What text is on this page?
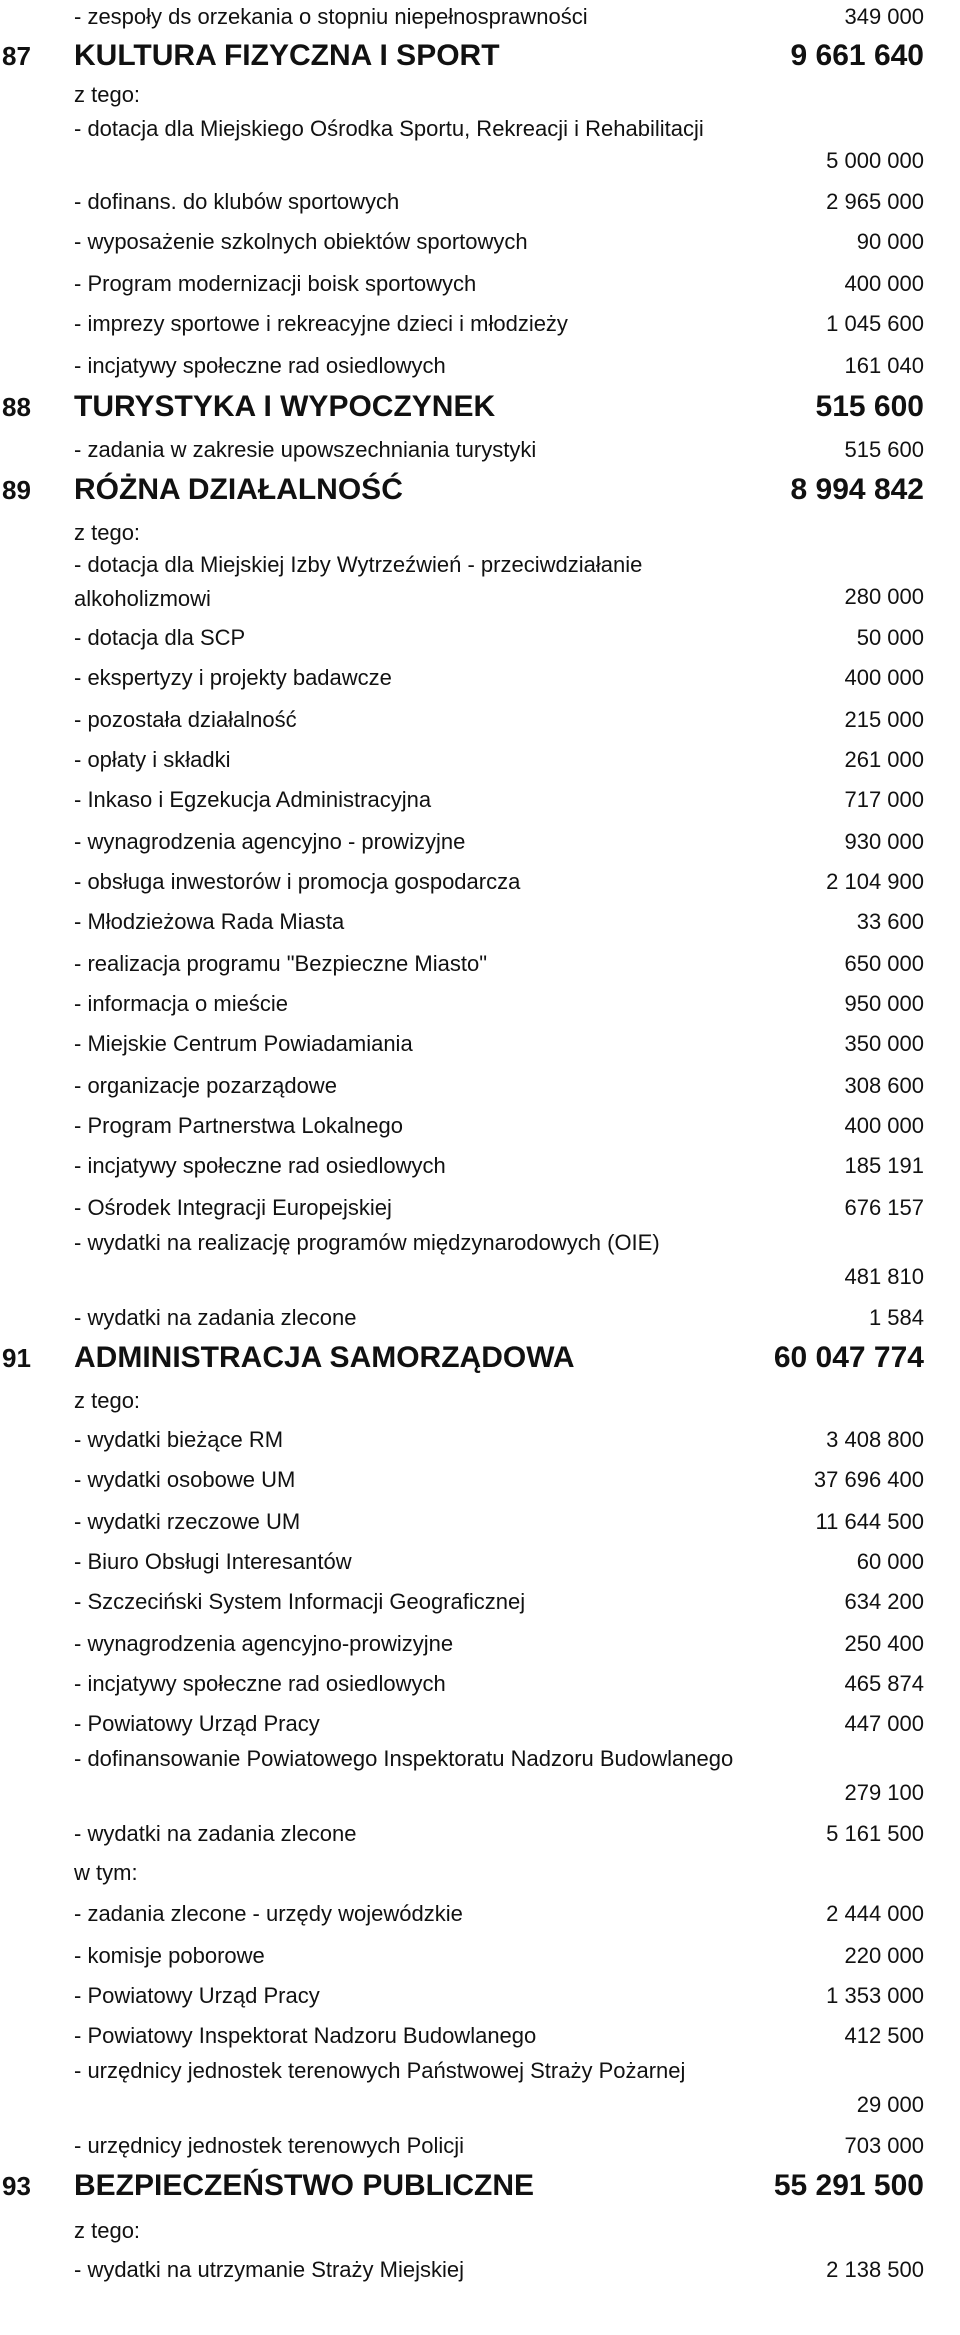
- zespoły ds orzekania o stopniu niepełnosprawności	349 000
87 KULTURA FIZYCZNA I SPORT	9 661 640
z tego:
- dotacja dla Miejskiego Ośrodka Sportu, Rekreacji i Rehabilitacji
5 000 000
- dofinans. do klubów sportowych	2 965 000
- wyposażenie szkolnych obiektów sportowych	90 000
- Program modernizacji boisk sportowych	400 000
- imprezy sportowe i rekreacyjne dzieci i młodzieży	1 045 600
- incjatywy społeczne rad osiedlowych	161 040
88 TURYSTYKA I WYPOCZYNEK	515 600
- zadania w zakresie upowszechniania turystyki	515 600
89 RÓŻNA DZIAŁALNOŚĆ	8 994 842
z tego:
- dotacja dla Miejskiej Izby Wytrzeźwień - przeciwdziałanie alkoholizmowi	280 000
- dotacja dla SCP	50 000
- ekspertyzy i projekty badawcze	400 000
- pozostała działalność	215 000
- opłaty i składki	261 000
- Inkaso i Egzekucja Administracyjna	717 000
- wynagrodzenia agencyjno - prowizyjne	930 000
- obsługa inwestorów i promocja gospodarcza	2 104 900
- Młodzieżowa Rada Miasta	33 600
- realizacja programu "Bezpieczne Miasto"	650 000
- informacja o mieście	950 000
- Miejskie Centrum Powiadamiania	350 000
- organizacje pozarządowe	308 600
- Program Partnerstwa Lokalnego	400 000
- incjatywy społeczne rad osiedlowych	185 191
- Ośrodek Integracji Europejskiej	676 157
- wydatki na realizację programów międzynarodowych (OIE)
481 810
- wydatki na zadania zlecone	1 584
91 ADMINISTRACJA SAMORZĄDOWA	60 047 774
z tego:
- wydatki bieżące RM	3 408 800
- wydatki osobowe UM	37 696 400
- wydatki rzeczowe UM	11 644 500
- Biuro Obsługi Interesantów	60 000
- Szczeciński System Informacji Geograficznej	634 200
- wynagrodzenia agencyjno-prowizyjne	250 400
- incjatywy społeczne rad osiedlowych	465 874
- Powiatowy Urząd Pracy	447 000
- dofinansowanie Powiatowego Inspektoratu Nadzoru Budowlanego
279 100
- wydatki na zadania zlecone	5 161 500
w tym:
- zadania zlecone - urzędy wojewódzkie	2 444 000
- komisje poborowe	220 000
- Powiatowy Urząd Pracy	1 353 000
- Powiatowy Inspektorat Nadzoru Budowlanego	412 500
- urzędnicy jednostek terenowych Państwowej Straży Pożarnej
29 000
- urzędnicy jednostek terenowych Policji	703 000
93 BEZPIECZEŃSTWO PUBLICZNE	55 291 500
z tego:
- wydatki na utrzymanie Straży Miejskiej	2 138 500
